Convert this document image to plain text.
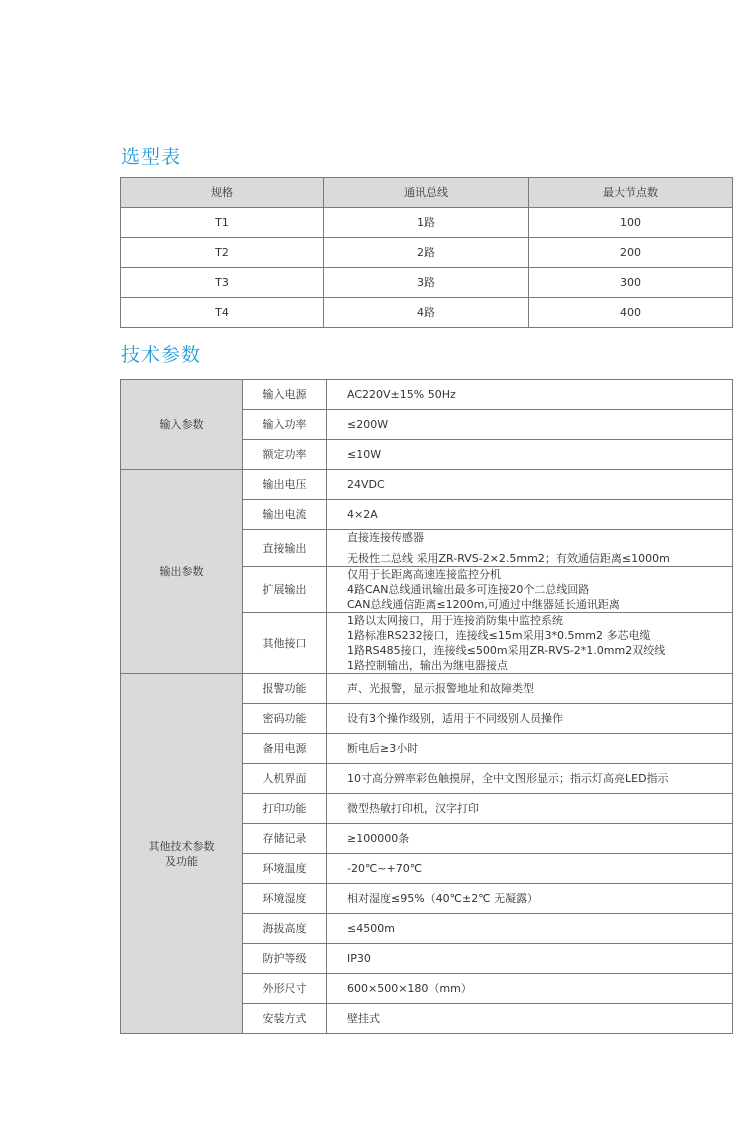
选型表
规格	通讯总线	最大节点数
T1	1路	100
T2	2路	200
T3	3路	300
T4	4路	400
技术参数
输入参数	输入电源	AC220V±15% 50Hz
	输入功率	≤200W
	额定功率	≤10W
输出参数	输出电压	24VDC
	输出电流	4×2A
	直接输出	直接连接传感器
无极性二总线 采用ZR-RVS-2×2.5mm2；有效通信距离≤1000m

	扩展输出	仅用于长距离高速连接监控分机
4路CAN总线通讯输出最多可连接20个二总线回路
CAN总线通信距离≤1200m,可通过中继器延长通讯距离

	其他接口	1路以太网接口，用于连接消防集中监控系统
1路标准RS232接口，连接线≤15m采用3*0.5mm2 多芯电缆
1路RS485接口，连接线≤500m采用ZR-RVS-2*1.0mm2双绞线
1路控制输出，输出为继电器接点

其他技术参数
及功能	报警功能	声、光报警，显示报警地址和故障类型
	密码功能	设有3个操作级别，适用于不同级别人员操作
	备用电源	断电后≥3小时
	人机界面	10寸高分辨率彩色触摸屏，全中文图形显示；指示灯高亮LED指示
	打印功能	微型热敏打印机，汉字打印
	存储记录	≥100000条
	环境温度	-20℃~+70℃
	环境湿度	相对湿度≤95%（40℃±2℃ 无凝露）
	海拔高度	≤4500m
	防护等级	IP30
	外形尺寸	600×500×180（mm）
	安装方式	壁挂式
